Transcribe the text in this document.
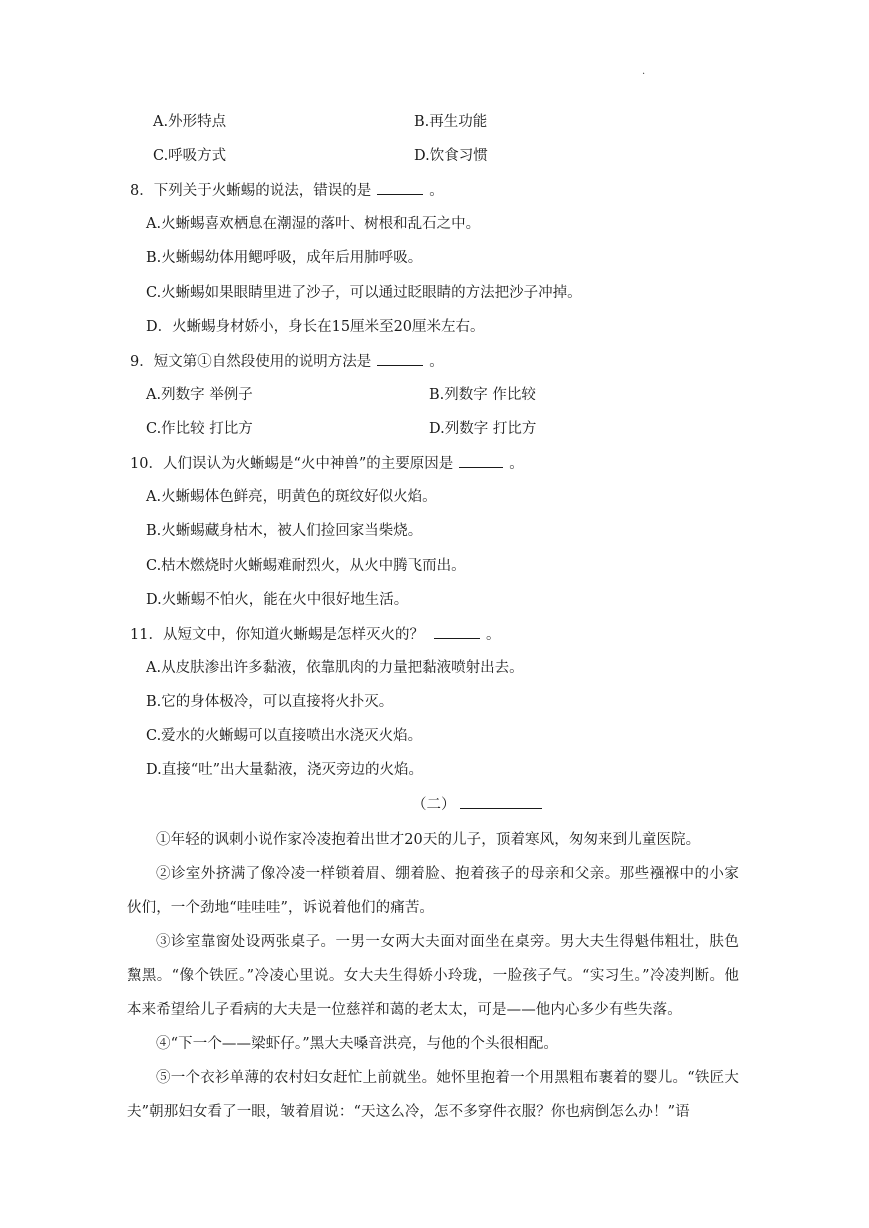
.
A.外形特点	B.再生功能
C.呼吸方式	D.饮食习惯
8．下列关于火蜥蜴的说法，错误的是	。
A.火蜥蜴喜欢栖息在潮湿的落叶、树根和乱石之中。
B.火蜥蜴幼体用鳃呼吸，成年后用肺呼吸。
C.火蜥蜴如果眼睛里进了沙子，可以通过眨眼睛的方法把沙子冲掉。
D．火蜥蜴身材娇小，身长在15厘米至20厘米左右。
9．短文第①自然段使用的说明方法是	。
A.列数字 举例子	B.列数字 作比较
C.作比较 打比方	D.列数字 打比方
10．人们误认为火蜥蜴是“火中神兽”的主要原因是	。
A.火蜥蜴体色鲜亮，明黄色的斑纹好似火焰。
B.火蜥蜴藏身枯木，被人们捡回家当柴烧。
C.枯木燃烧时火蜥蜴难耐烈火，从火中腾飞而出。
D.火蜥蜴不怕火，能在火中很好地生活。
11．从短文中，你知道火蜥蜴是怎样灭火的？	。
A.从皮肤渗出许多黏液，依靠肌肉的力量把黏液喷射出去。
B.它的身体极冷，可以直接将火扑灭。
C.爱水的火蜥蜴可以直接喷出水浇灭火焰。
D.直接“吐”出大量黏液，浇灭旁边的火焰。
（二）
①年轻的讽刺小说作家冷凌抱着出世才20天的儿子，顶着寒风，匆匆来到儿童医院。
②诊室外挤满了像冷凌一样锁着眉、绷着脸、抱着孩子的母亲和父亲。那些襁褓中的小家伙们，一个劲地“哇哇哇”，诉说着他们的痛苦。
③诊室靠窗处设两张桌子。一男一女两大夫面对面坐在桌旁。男大夫生得魁伟粗壮，肤色黧黑。“像个铁匠。”冷凌心里说。女大夫生得娇小玲珑，一脸孩子气。“实习生。”冷凌判断。他本来希望给儿子看病的大夫是一位慈祥和蔼的老太太，可是——他内心多少有些失落。
④“下一个——梁虾仔。”黑大夫嗓音洪亮，与他的个头很相配。
⑤一个衣衫单薄的农村妇女赶忙上前就坐。她怀里抱着一个用黑粗布裹着的婴儿。“铁匠大夫”朝那妇女看了一眼，皱着眉说：“天这么冷，怎不多穿件衣服？你也病倒怎么办！”语
